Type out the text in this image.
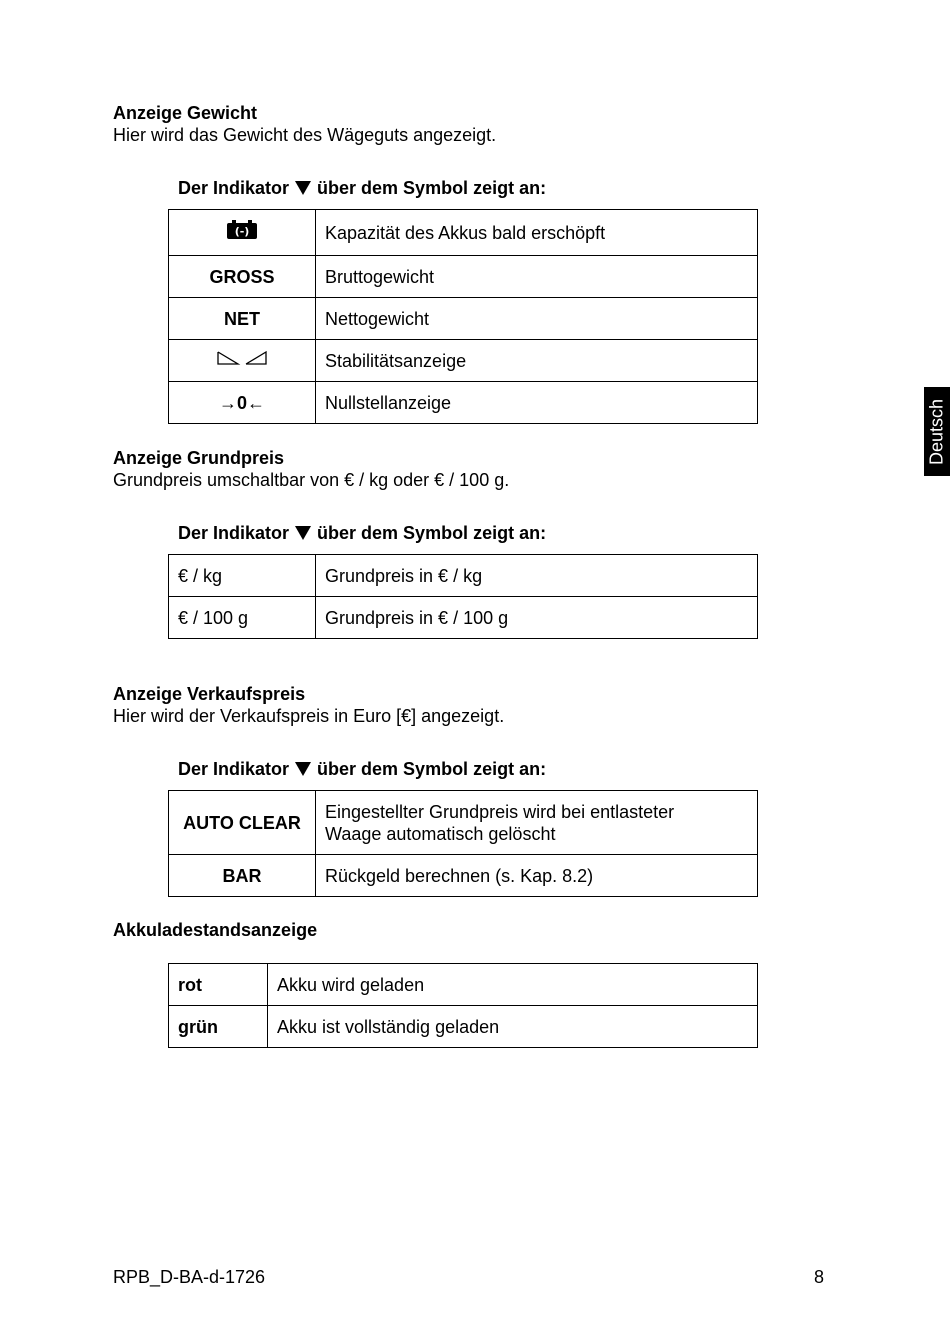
Anzeige Gewicht
Hier wird das Gewicht des Wägeguts angezeigt.
Der Indikator über dem Symbol zeigt an:
(-)	Kapazität des Akkus bald erschöpft
GROSS	Bruttogewicht
NET	Nettogewicht
	Stabilitätsanzeige
→0←	Nullstellanzeige
Anzeige Grundpreis
Grundpreis umschaltbar von € / kg oder € / 100 g.
Der Indikator über dem Symbol zeigt an:
€ / kg	Grundpreis in € / kg
€ / 100 g	Grundpreis in € / 100 g
Anzeige Verkaufspreis
Hier wird der Verkaufspreis in Euro [€] angezeigt.
Der Indikator über dem Symbol zeigt an:
AUTO CLEAR	Eingestellter Grundpreis wird bei entlasteter
Waage automatisch gelöscht

BAR	Rückgeld berechnen (s. Kap. 8.2)
Akkuladestandsanzeige
rot	Akku wird geladen
grün	Akku ist vollständig geladen
Deutsch
RPB_D-BA-d-1726	8
